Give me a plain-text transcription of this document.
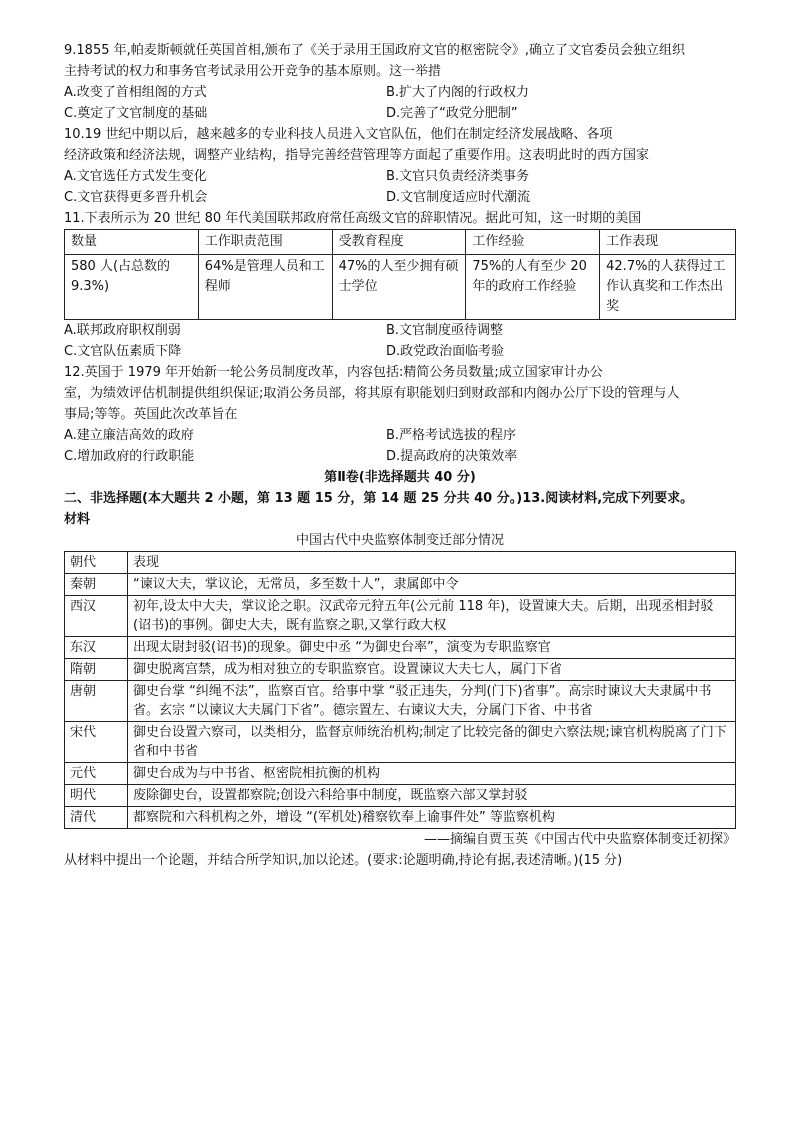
9.1855 年,帕麦斯顿就任英国首相,颁布了《关于录用王国政府文官的枢密院令》,确立了文官委员会独立组织
主持考试的权力和事务官考试录用公开竞争的基本原则。这一举措
A.改变了首相组阁的方式	B.扩大了内阁的行政权力
C.奠定了文官制度的基础	D.完善了“政党分肥制”
10.19 世纪中期以后，越来越多的专业科技人员进入文官队伍，他们在制定经济发展战略、各项
经济政策和经济法规，调整产业结构，指导完善经营管理等方面起了重要作用。这表明此时的西方国家
A.文官选任方式发生变化	B.文官只负责经济类事务
C.文官获得更多晋升机会	D.文官制度适应时代潮流
11.下表所示为 20 世纪 80 年代美国联邦政府常任高级文官的辞职情况。据此可知，这一时期的美国
数量	工作职责范围	受教育程度	工作经验	工作表现
580 人(占总数的 9.3%)	64%是管理人员和工程师	47%的人至少拥有硕士学位	75%的人有至少 20 年的政府工作经验	42.7%的人获得过工作认真奖和工作杰出奖
A.联邦政府职权削弱	B.文官制度亟待调整
C.文官队伍素质下降	D.政党政治面临考验
12.英国于 1979 年开始新一轮公务员制度改革，内容包括:精简公务员数量;成立国家审计办公
室，为绩效评估机制提供组织保证;取消公务员部，将其原有职能划归到财政部和内阁办公厅下设的管理与人
事局;等等。英国此次改革旨在
A.建立廉洁高效的政府	B.严格考试选拔的程序
C.增加政府的行政职能	D.提高政府的决策效率
第Ⅱ卷(非选择题共 40 分)
二、非选择题(本大题共 2 小题，第 13 题 15 分，第 14 题 25 分共 40 分。)13.阅读材料,完成下列要求。
材料
中国古代中央监察体制变迁部分情况
朝代	表现
秦朝	“谏议大夫，掌议论，无常员，多至数十人”，隶属郎中令
西汉	初年,设太中大夫，掌议论之职。汉武帝元狩五年(公元前 118 年)，设置谏大夫。后期，出现丞相封驳(诏书)的事例。御史大夫，既有监察之职,又掌行政大权
东汉	出现太尉封驳(诏书)的现象。御史中丞 “为御史台率”，演变为专职监察官
隋朝	御史脱离宫禁，成为相对独立的专职监察官。设置谏议大夫七人，属门下省
唐朝	御史台掌 “纠绳不法”，监察百官。给事中掌 “驳正违失，分判(门下)省事”。高宗时谏议大夫隶属中书省。玄宗 “以谏议大夫属门下省”。德宗置左、右谏议大夫，分属门下省、中书省
宋代	御史台设置六察司，以类相分，监督京师统治机构;制定了比较完备的御史六察法规;谏官机构脱离了门下省和中书省
元代	御史台成为与中书省、枢密院相抗衡的机构
明代	废除御史台，设置都察院;创设六科给事中制度，既监察六部又掌封驳
清代	都察院和六科机构之外，增设 “(军机处)稽察钦奉上谕事件处” 等监察机构
——摘编自贾玉英《中国古代中央监察体制变迁初探》
从材料中提出一个论题，并结合所学知识,加以论述。(要求:论题明确,持论有据,表述清晰。)(15 分)
